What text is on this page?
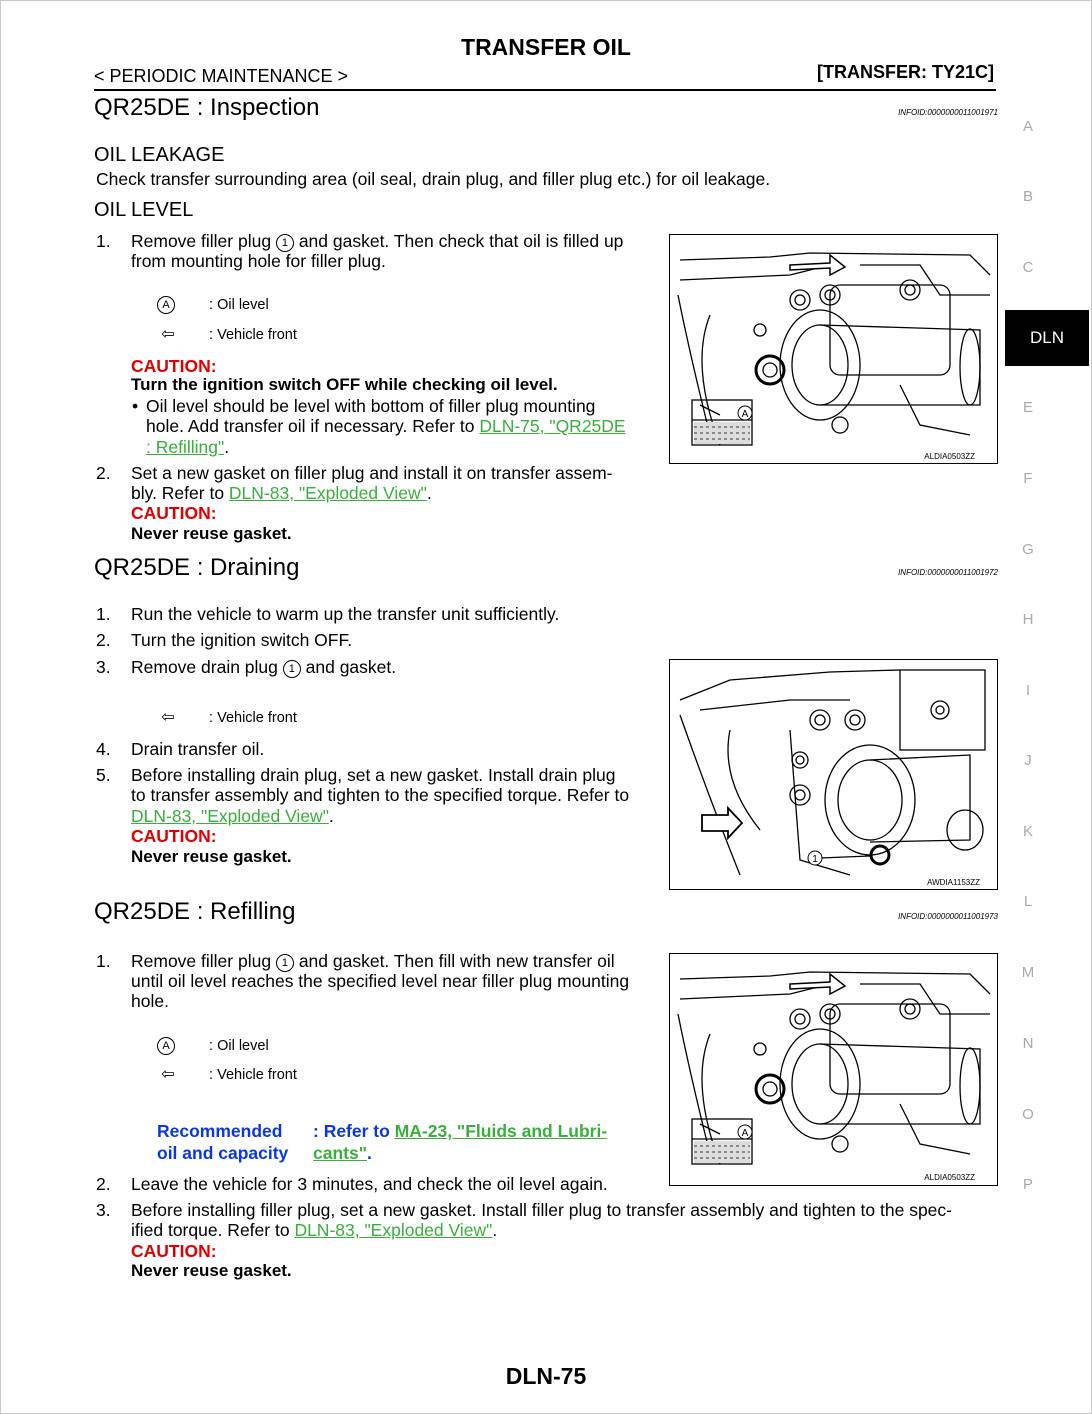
TRANSFER OIL
< PERIODIC MAINTENANCE >	[TRANSFER: TY21C]
QR25DE : Inspection	INFOID:0000000011001971
OIL LEAKAGE
Check transfer surrounding area (oil seal, drain plug, and filler plug etc.) for oil leakage.
OIL LEVEL
1.	Remove filler plug 1 and gasket. Then check that oil is filled up
from mounting hole for filler plug.
A	: Oil level
⇦ : Vehicle front
CAUTION:
Turn the ignition switch OFF while checking oil level.
• Oil level should be level with bottom of filler plug mounting
hole. Add transfer oil if necessary. Refer to DLN-75, "QR25DE
: Refilling".
2.	Set a new gasket on filler plug and install it on transfer assem-
bly. Refer to DLN-83, "Exploded View".
CAUTION:
Never reuse gasket.
A
ALDIA0503ZZ
QR25DE : Draining	INFOID:0000000011001972
1.	Run the vehicle to warm up the transfer unit sufficiently.
2.	Turn the ignition switch OFF.
3.	Remove drain plug 1 and gasket.
⇦ : Vehicle front
4.	Drain transfer oil.
5.	Before installing drain plug, set a new gasket. Install drain plug
to transfer assembly and tighten to the specified torque. Refer to
DLN-83, "Exploded View".
CAUTION:
Never reuse gasket.	1
AWDIA1153ZZ
QR25DE : Refilling	INFOID:0000000011001973
1.	Remove filler plug 1 and gasket. Then fill with new transfer oil
until oil level reaches the specified level near filler plug mounting
hole.
A	: Oil level
⇦ : Vehicle front
Recommended
oil and capacity
: Refer to MA-23, "Fluids and Lubri-
cants".
2.	Leave the vehicle for 3 minutes, and check the oil level again.
3.	Before installing filler plug, set a new gasket. Install filler plug to transfer assembly and tighten to the spec-
ified torque. Refer to DLN-83, "Exploded View".
CAUTION:
Never reuse gasket.
A
ALDIA0503ZZ
A
B
C
DLN
E
F
G
H
I
J
K
L
M
N
O
P
DLN-75
